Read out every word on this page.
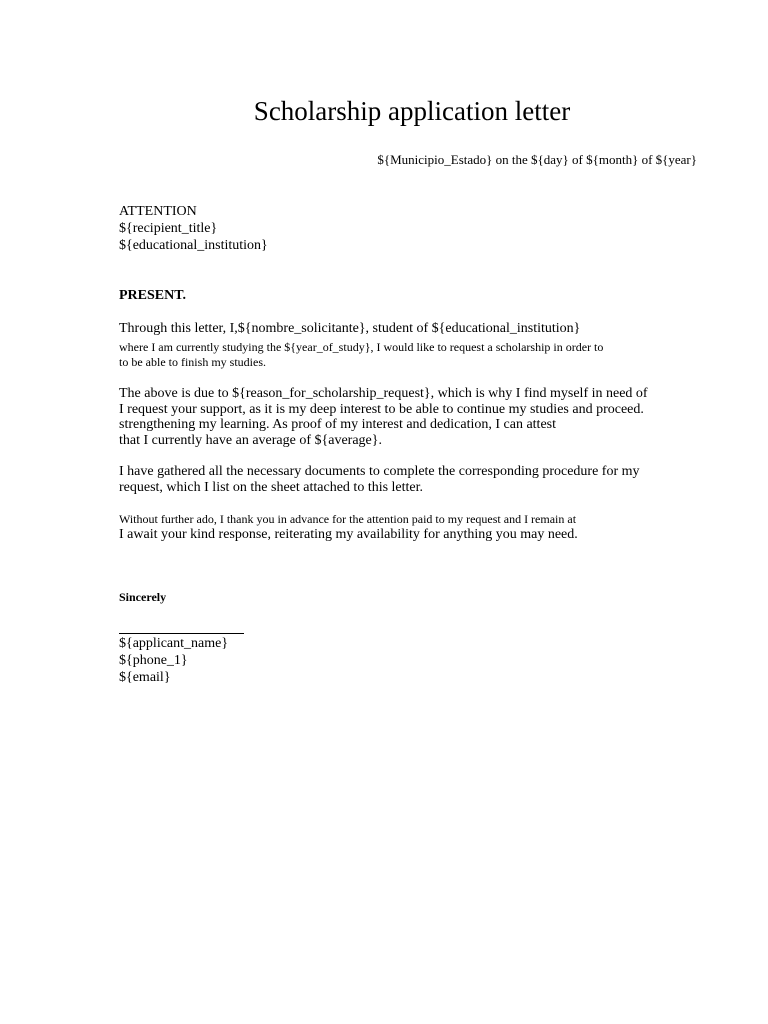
Scholarship application letter
${Municipio_Estado} on the ${day} of ${month} of ${year}
ATTENTION
${recipient_title}
${educational_institution}
PRESENT.
Through this letter, I,${nombre_solicitante}, student of ${educational_institution}
where I am currently studying the ${year_of_study}, I would like to request a scholarship in order to
to be able to finish my studies.
The above is due to ${reason_for_scholarship_request}, which is why I find myself in need of
I request your support, as it is my deep interest to be able to continue my studies and proceed.
strengthening my learning. As proof of my interest and dedication, I can attest
that I currently have an average of ${average}.
I have gathered all the necessary documents to complete the corresponding procedure for my
request, which I list on the sheet attached to this letter.
Without further ado, I thank you in advance for the attention paid to my request and I remain at
I await your kind response, reiterating my availability for anything you may need.
Sincerely
${applicant_name}
${phone_1}
${email}
